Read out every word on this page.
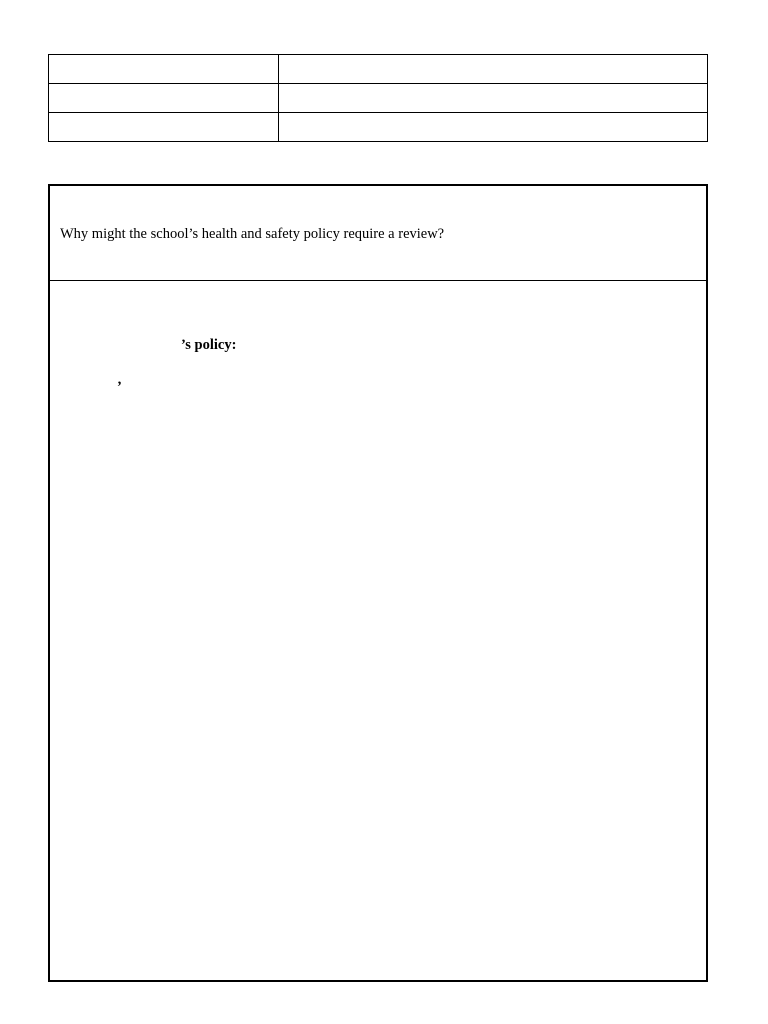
Why might the school’s health and safety policy require a review?
’s policy:
’
